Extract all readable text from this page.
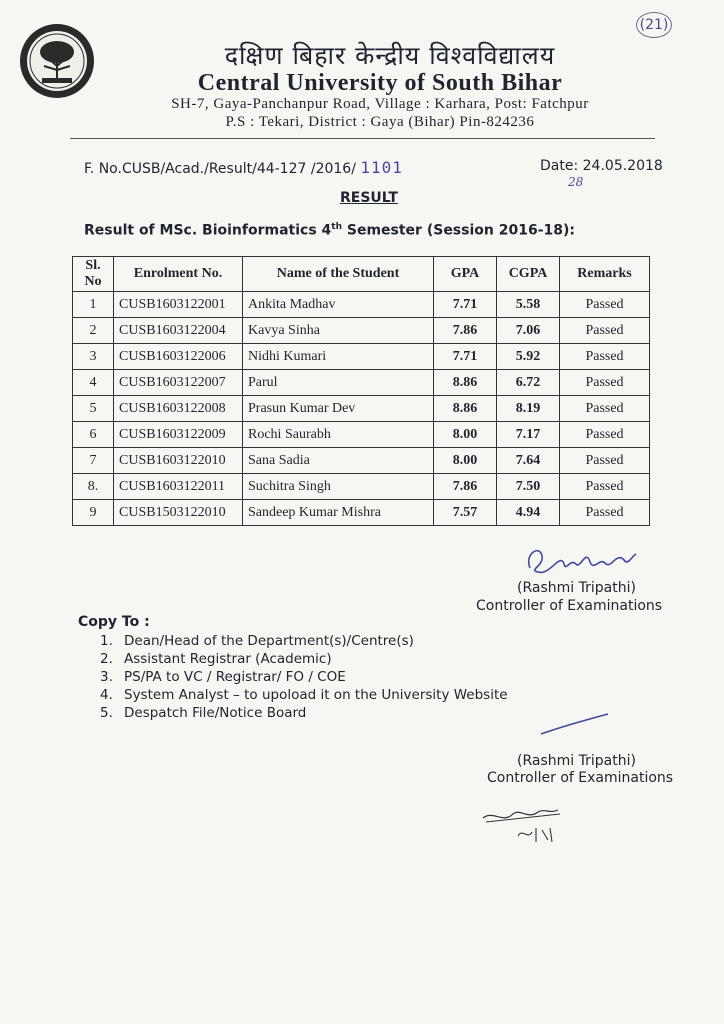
(21)
दक्षिण बिहार केन्द्रीय विश्वविद्यालय
Central University of South Bihar
SH-7, Gaya-Panchanpur Road, Village : Karhara, Post: Fatchpur
P.S : Tekari, District : Gaya (Bihar) Pin-824236
F. No.CUSB/Acad./Result/44-127 /2016/ 1101	Date: 24.05.2018
28
RESULT
Result of MSc. Bioinformatics 4th Semester (Session 2016-18):
Sl. No	Enrolment No.	Name of the Student	GPA	CGPA	Remarks
1	CUSB1603122001	Ankita Madhav	7.71	5.58	Passed
2	CUSB1603122004	Kavya Sinha	7.86	7.06	Passed
3	CUSB1603122006	Nidhi Kumari	7.71	5.92	Passed
4	CUSB1603122007	Parul	8.86	6.72	Passed
5	CUSB1603122008	Prasun Kumar Dev	8.86	8.19	Passed
6	CUSB1603122009	Rochi Saurabh	8.00	7.17	Passed
7	CUSB1603122010	Sana Sadia	8.00	7.64	Passed
8.	CUSB1603122011	Suchitra Singh	7.86	7.50	Passed
9	CUSB1503122010	Sandeep Kumar Mishra	7.57	4.94	Passed
(Rashmi Tripathi)
Controller of Examinations
Copy To :
1. Dean/Head of the Department(s)/Centre(s)
2. Assistant Registrar (Academic)
3. PS/PA to VC / Registrar/ FO / COE
4. System Analyst – to upoload it on the University Website
5. Despatch File/Notice Board
(Rashmi Tripathi)
Controller of Examinations
